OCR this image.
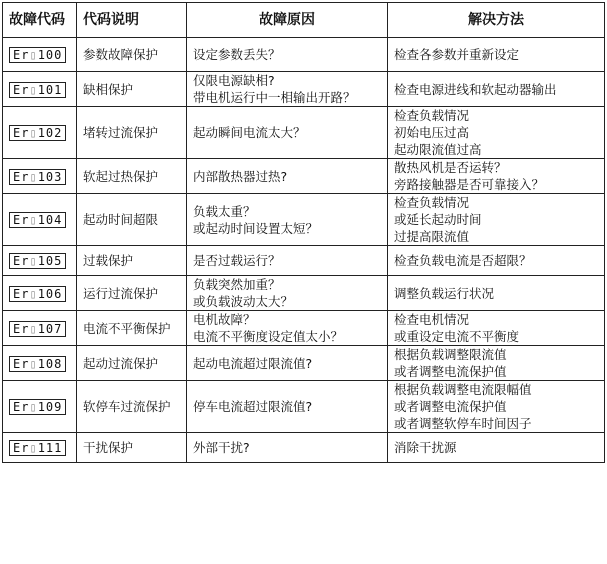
故障代码	代码说明	故障原因	解决方法
Er▯100	参数故障保护	设定参数丢失？	检查各参数并重新设定

Er▯101	缺相保护	仅限电源缺相?
带电机运行中一相输出开路？	检查电源进线和软起动器输出

Er▯102	堵转过流保护	起动瞬间电流太大？	检查负载情况
初始电压过高
起动限流值过高

Er▯103	软起过热保护	内部散热器过热?	散热风机是否运转？
旁路接触器是否可靠接入？

Er▯104	起动时间超限	负载太重？
或起动时间设置太短？	检查负载情况
或延长起动时间
过提高限流值

Er▯105	过载保护	是否过载运行？	检查负载电流是否超限？

Er▯106	运行过流保护	负载突然加重？
或负载波动太大？	调整负载运行状况

Er▯107	电流不平衡保护	电机故障？
电流不平衡度设定值太小？	检查电机情况
或重设定电流不平衡度

Er▯108	起动过流保护	起动电流超过限流值?	根据负载调整限流值
或者调整电流保护值

Er▯109	软停车过流保护	停车电流超过限流值?	根据负载调整电流限幅值
或者调整电流保护值
或者调整软停车时间因子

Er▯111	干扰保护	外部干扰?	消除干扰源
